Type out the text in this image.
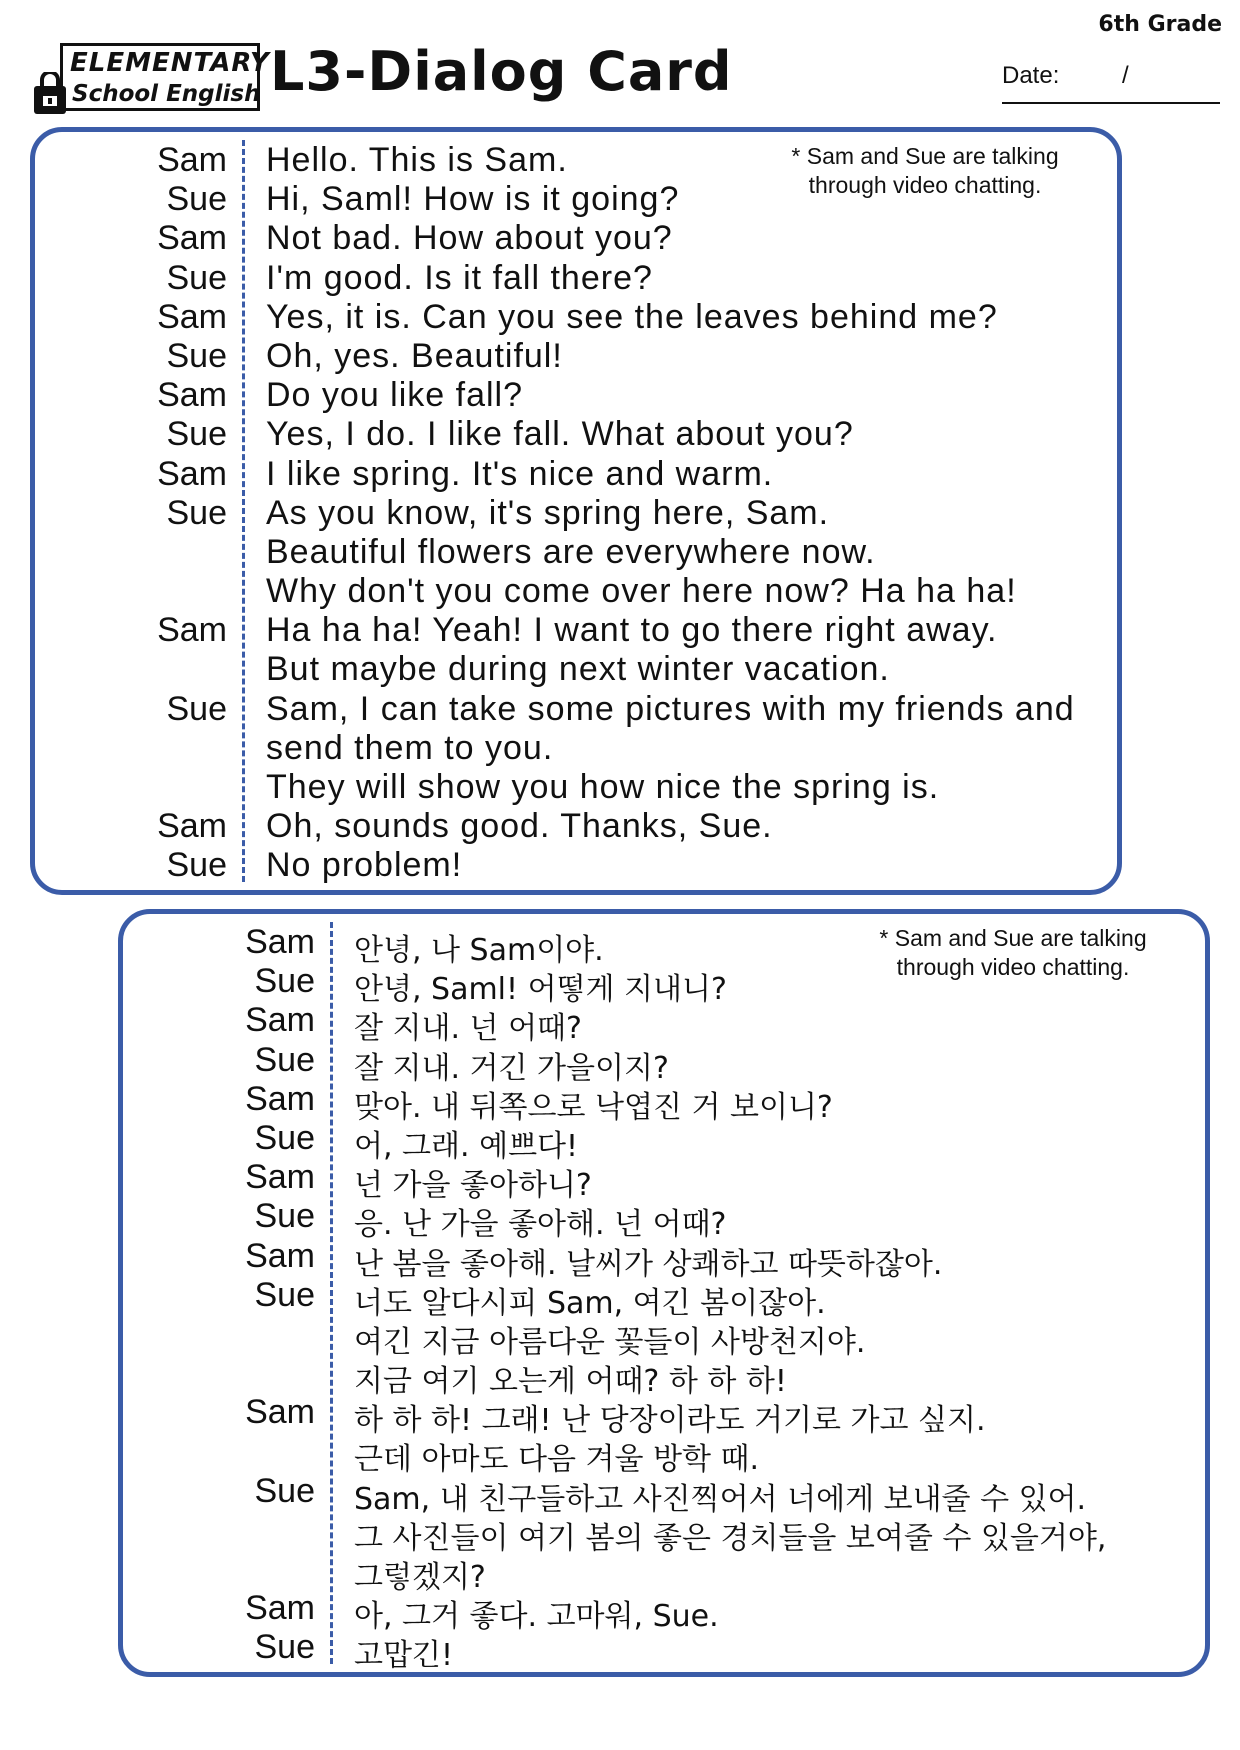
6th Grade
ELEMENTARY
School English L3-Dialog Card	Date:	/
* Sam and Sue are talking
through video chatting.
Sam Hello. This is Sam.
Sue Hi, Saml! How is it going?
Sam Not bad. How about you?
Sue I'm good. Is it fall there?
Sam Yes, it is. Can you see the leaves behind me?
Sue Oh, yes. Beautiful!
Sam Do you like fall?
Sue Yes, I do. I like fall. What about you?
Sam I like spring. It's nice and warm.
Sue As you know, it's spring here, Sam.
Beautiful flowers are everywhere now.
Why don't you come over here now? Ha ha ha!
Sam Ha ha ha! Yeah! I want to go there right away.
But maybe during next winter vacation.
Sue Sam, I can take some pictures with my friends and
send them to you.
They will show you how nice the spring is.
Sam Oh, sounds good. Thanks, Sue.
Sue No problem!
* Sam and Sue are talking
through video chatting.
Sam 안녕, 나 Sam이야.
Sue 안녕, Saml! 어떻게 지내니?
Sam 잘 지내. 넌 어때?
Sue 잘 지내. 거긴 가을이지?
Sam 맞아. 내 뒤쪽으로 낙엽진 거 보이니?
Sue 어, 그래. 예쁘다!
Sam 넌 가을 좋아하니?
Sue 응. 난 가을 좋아해. 넌 어때?
Sam 난 봄을 좋아해. 날씨가 상쾌하고 따뜻하잖아.
Sue 너도 알다시피 Sam, 여긴 봄이잖아.
여긴 지금 아름다운 꽃들이 사방천지야.
지금 여기 오는게 어때? 하 하 하!
Sam 하 하 하! 그래! 난 당장이라도 거기로 가고 싶지.
근데 아마도 다음 겨울 방학 때.
Sue Sam, 내 친구들하고 사진찍어서 너에게 보내줄 수 있어.
그 사진들이 여기 봄의 좋은 경치들을 보여줄 수 있을거야,
그렇겠지?
Sam 아, 그거 좋다. 고마워, Sue.
Sue 고맙긴!
